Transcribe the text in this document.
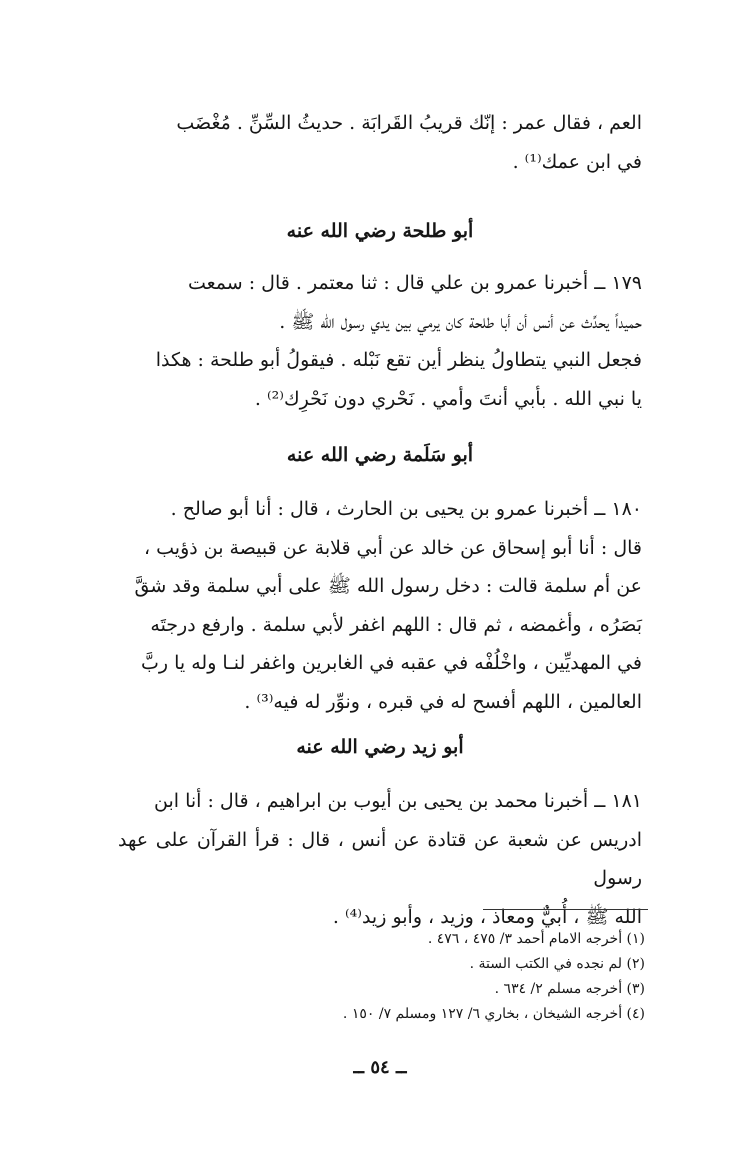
العم ، فقال عمر : إنّك قريبُ القَرابَة . حديثُ السِّنِّ . مُغْضَب
في ابن عمك⁽¹⁾ .
أبو طلحة رضي الله عنه
١٧٩ ــ أخبرنا عمرو بن علي قال : ثنا معتمر . قال : سمعت
حميداً يحدِّث عن أنس أن أبا طلحة كان يرمي بين يدي رسول الله ﷺ .
فجعل النبي يتطاولُ ينظر أين تقع نَبْله . فيقولُ أبو طلحة : هكذا
يا نبي الله . بأبي أنتَ وأمي . نَحْري دون نَحْرِك⁽²⁾ .
أبو سَلَمة رضي الله عنه
١٨٠ ــ أخبرنا عمرو بن يحيى بن الحارث ، قال : أنا أبو صالح .
قال : أنا أبو إسحاق عن خالد عن أبي قلابة عن قبيصة بن ذؤيب ،
عن أم سلمة قالت : دخل رسول الله ﷺ على أبي سلمة وقد شقَّ
بَصَرُه ، وأغمضه ، ثم قال : اللهم اغفر لأبي سلمة . وارفع درجتَه
في المهديِّين ، واخْلُفْه في عقبه في الغابرين واغفر لنـا وله يا ربَّ
العالمين ، اللهم أفسح له في قبره ، ونوِّر له فيه⁽³⁾ .
أبو زيد رضي الله عنه
١٨١ ــ أخبرنا محمد بن يحيى بن أيوب بن ابراهيم ، قال : أنا ابن
ادريس عن شعبة عن قتادة عن أنس ، قال : قرأ القرآن على عهد رسول
الله ﷺ ، أُبيٌّ ومعاذ ، وزيد ، وأبو زيد⁽⁴⁾ .
(١) أخرجه الامام أحمد ٣/ ٤٧٥ ، ٤٧٦ .
(٢) لم نجده في الكتب الستة .
(٣) أخرجه مسلم ٢/ ٦٣٤ .
(٤) أخرجه الشيخان ، بخاري ٦/ ١٢٧ ومسلم ٧/ ١٥٠ .
ــ ٥٤ ــ
